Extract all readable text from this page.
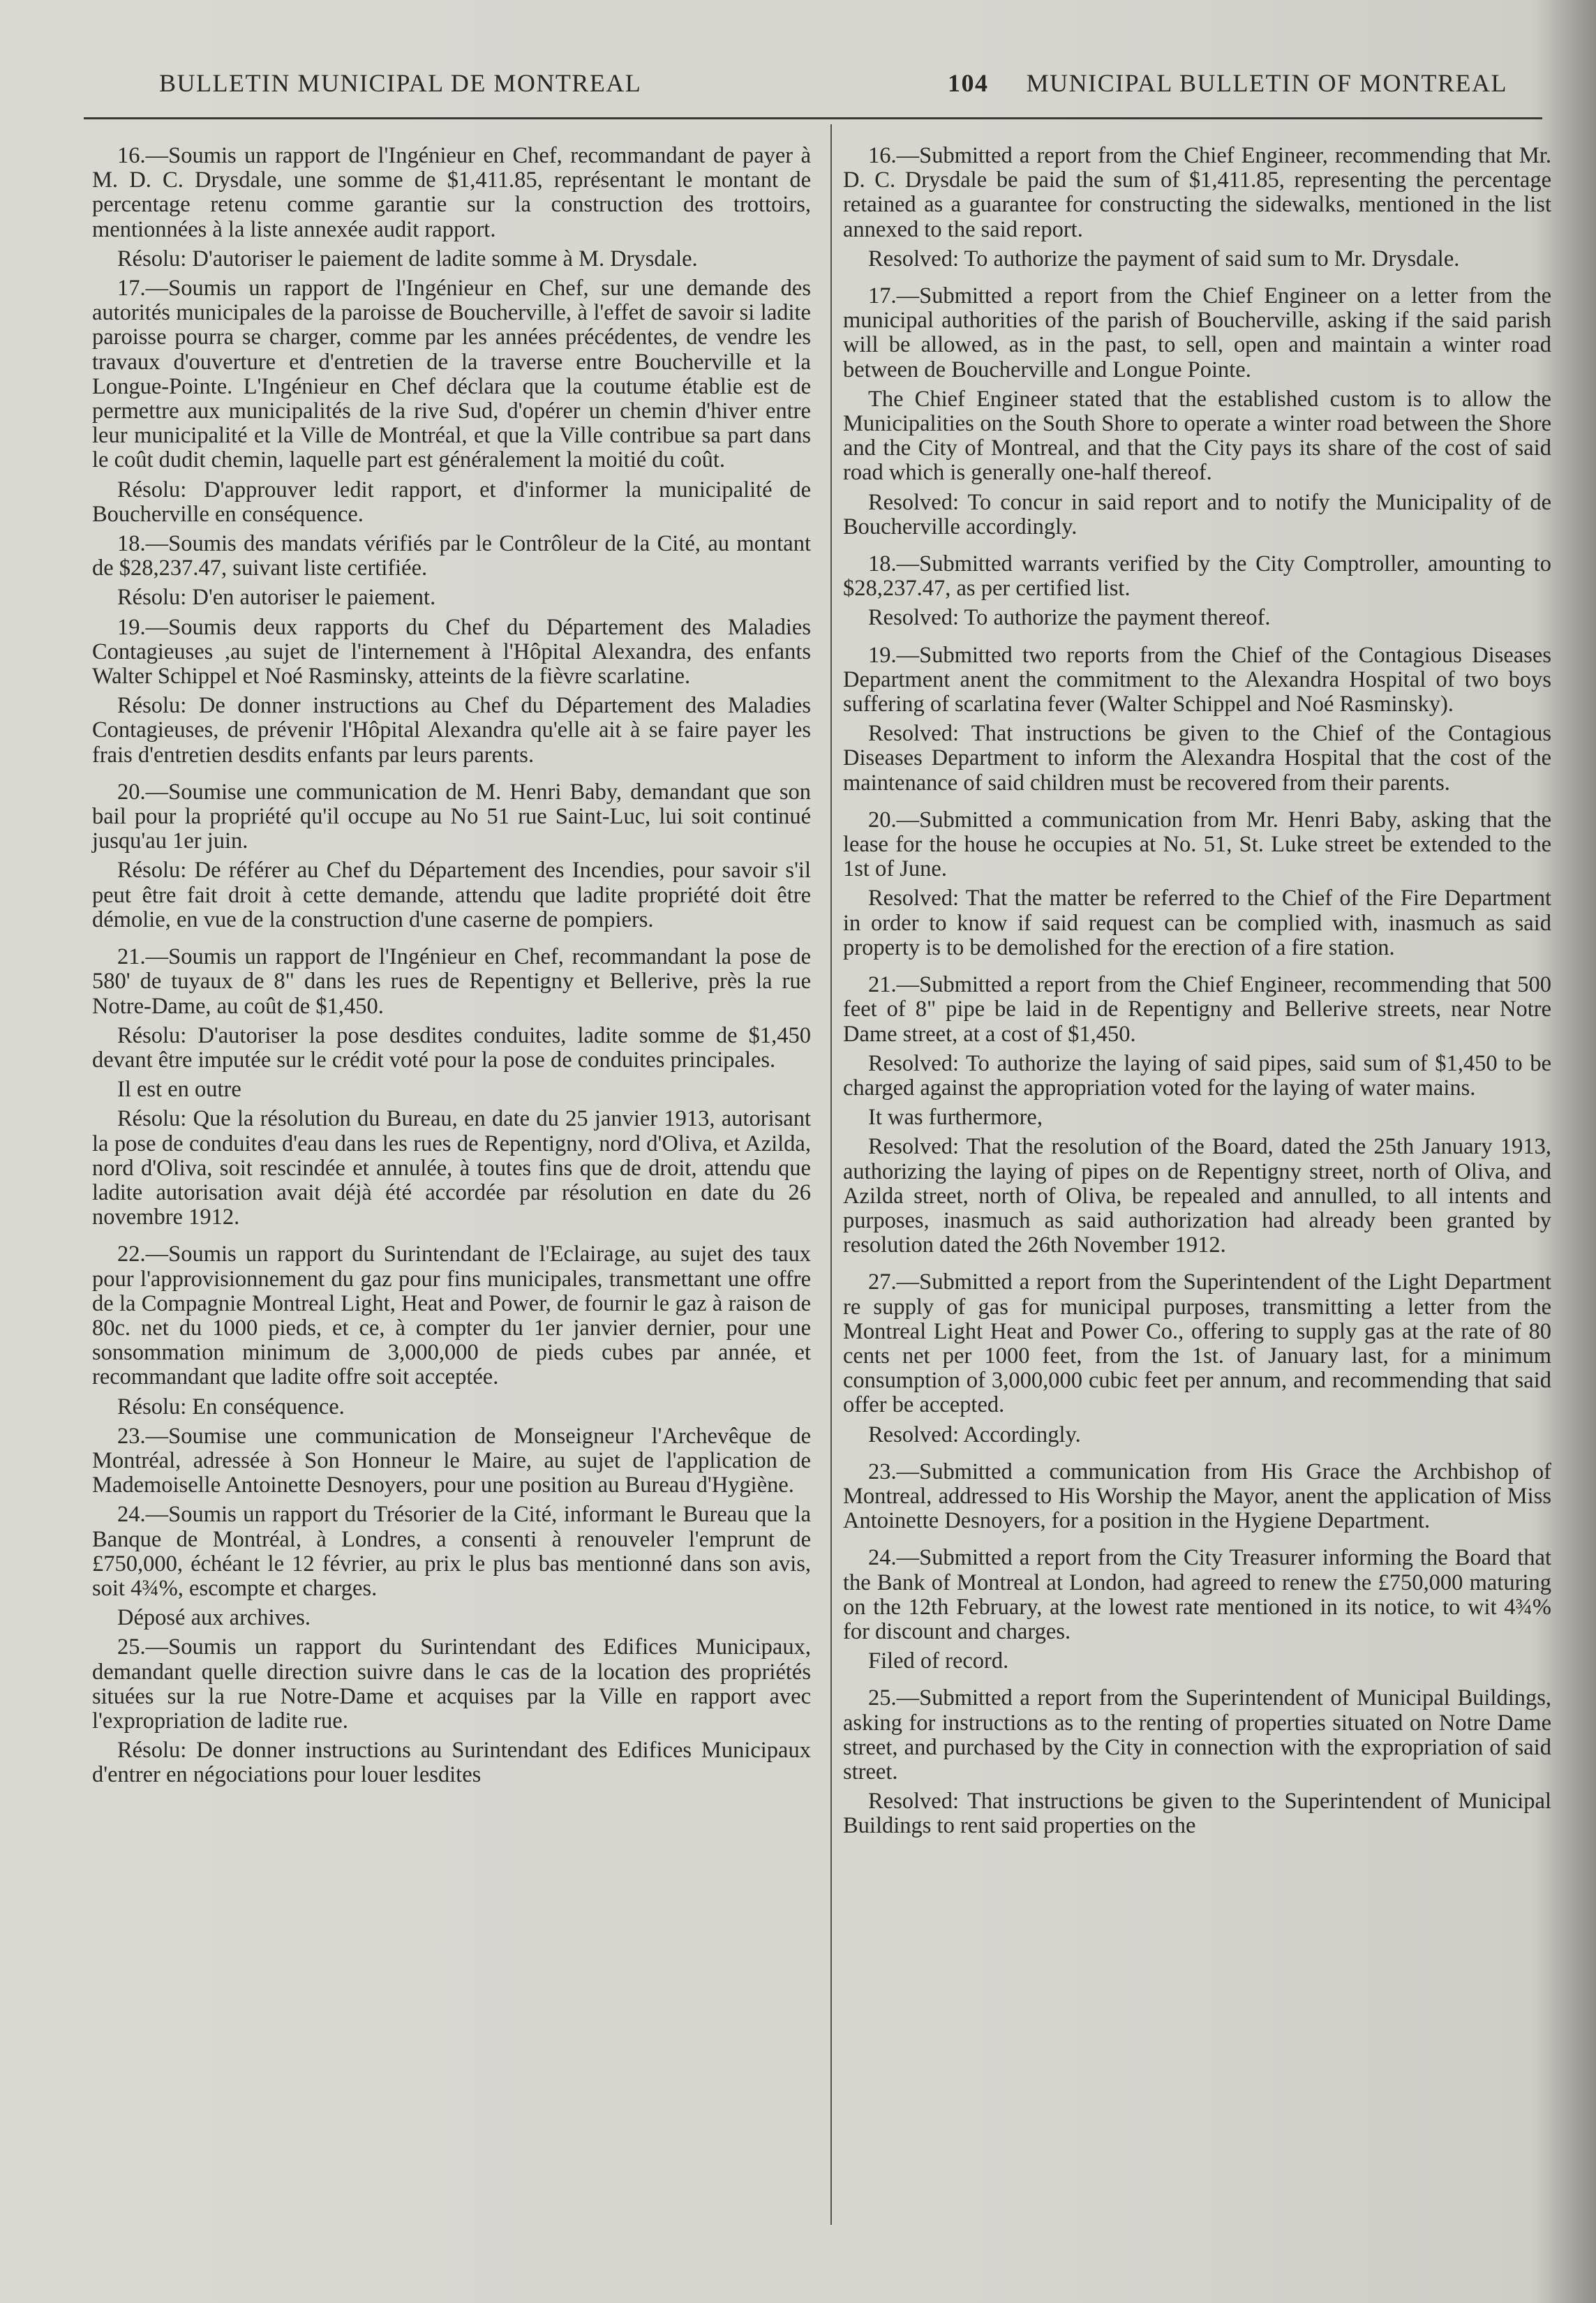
BULLETIN MUNICIPAL DE MONTREAL	104 MUNICIPAL BULLETIN OF MONTREAL

16.—Soumis un rapport de l'Ingénieur en Chef, recommandant de payer à M. D. C. Drysdale, une somme de $1,411.85, représentant le montant de percentage retenu comme garantie sur la construction des trottoirs, mentionnées à la liste annexée audit rapport.

Résolu: D'autoriser le paiement de ladite somme à M. Drysdale.

17.—Soumis un rapport de l'Ingénieur en Chef, sur une demande des autorités municipales de la paroisse de Boucherville, à l'effet de savoir si ladite paroisse pourra se charger, comme par les années précédentes, de vendre les travaux d'ouverture et d'entretien de la traverse entre Boucherville et la Longue-Pointe. L'Ingénieur en Chef déclara que la coutume établie est de permettre aux municipalités de la rive Sud, d'opérer un chemin d'hiver entre leur municipalité et la Ville de Montréal, et que la Ville contribue sa part dans le coût dudit chemin, laquelle part est généralement la moitié du coût.

Résolu: D'approuver ledit rapport, et d'informer la municipalité de Boucherville en conséquence.

18.—Soumis des mandats vérifiés par le Contrôleur de la Cité, au montant de $28,237.47, suivant liste certifiée.

Résolu: D'en autoriser le paiement.

19.—Soumis deux rapports du Chef du Département des Maladies Contagieuses ,au sujet de l'internement à l'Hôpital Alexandra, des enfants Walter Schippel et Noé Rasminsky, atteints de la fièvre scarlatine.

Résolu: De donner instructions au Chef du Département des Maladies Contagieuses, de prévenir l'Hôpital Alexandra qu'elle ait à se faire payer les frais d'entretien desdits enfants par leurs parents.

20.—Soumise une communication de M. Henri Baby, demandant que son bail pour la propriété qu'il occupe au No 51 rue Saint-Luc, lui soit continué jusqu'au 1er juin.

Résolu: De référer au Chef du Département des Incendies, pour savoir s'il peut être fait droit à cette demande, attendu que ladite propriété doit être démolie, en vue de la construction d'une caserne de pompiers.

21.—Soumis un rapport de l'Ingénieur en Chef, recommandant la pose de 580' de tuyaux de 8" dans les rues de Repentigny et Bellerive, près la rue Notre-Dame, au coût de $1,450.

Résolu: D'autoriser la pose desdites conduites, ladite somme de $1,450 devant être imputée sur le crédit voté pour la pose de conduites principales.

Il est en outre

Résolu: Que la résolution du Bureau, en date du 25 janvier 1913, autorisant la pose de conduites d'eau dans les rues de Repentigny, nord d'Oliva, et Azilda, nord d'Oliva, soit rescindée et annulée, à toutes fins que de droit, attendu que ladite autorisation avait déjà été accordée par résolution en date du 26 novembre 1912.

22.—Soumis un rapport du Surintendant de l'Eclairage, au sujet des taux pour l'approvisionnement du gaz pour fins municipales, transmettant une offre de la Compagnie Montreal Light, Heat and Power, de fournir le gaz à raison de 80c. net du 1000 pieds, et ce, à compter du 1er janvier dernier, pour une sonsommation minimum de 3,000,000 de pieds cubes par année, et recommandant que ladite offre soit acceptée.

Résolu: En conséquence.

23.—Soumise une communication de Monseigneur l'Archevêque de Montréal, adressée à Son Honneur le Maire, au sujet de l'application de Mademoiselle Antoinette Desnoyers, pour une position au Bureau d'Hygiène.

24.—Soumis un rapport du Trésorier de la Cité, informant le Bureau que la Banque de Montréal, à Londres, a consenti à renouveler l'emprunt de £750,000, échéant le 12 février, au prix le plus bas mentionné dans son avis, soit 4¾%, escompte et charges.

Déposé aux archives.

25.—Soumis un rapport du Surintendant des Edifices Municipaux, demandant quelle direction suivre dans le cas de la location des propriétés situées sur la rue Notre-Dame et acquises par la Ville en rapport avec l'expropriation de ladite rue.

Résolu: De donner instructions au Surintendant des Edifices Municipaux d'entrer en négociations pour louer lesdites

16.—Submitted a report from the Chief Engineer, recommending that Mr. D. C. Drysdale be paid the sum of $1,411.85, representing the percentage retained as a guarantee for constructing the sidewalks, mentioned in the list annexed to the said report.

Resolved: To authorize the payment of said sum to Mr. Drysdale.

17.—Submitted a report from the Chief Engineer on a letter from the municipal authorities of the parish of Boucherville, asking if the said parish will be allowed, as in the past, to sell, open and maintain a winter road between de Boucherville and Longue Pointe.

The Chief Engineer stated that the established custom is to allow the Municipalities on the South Shore to operate a winter road between the Shore and the City of Montreal, and that the City pays its share of the cost of said road which is generally one-half thereof.

Resolved: To concur in said report and to notify the Municipality of de Boucherville accordingly.

18.—Submitted warrants verified by the City Comptroller, amounting to $28,237.47, as per certified list.

Resolved: To authorize the payment thereof.

19.—Submitted two reports from the Chief of the Contagious Diseases Department anent the commitment to the Alexandra Hospital of two boys suffering of scarlatina fever (Walter Schippel and Noé Rasminsky).

Resolved: That instructions be given to the Chief of the Contagious Diseases Department to inform the Alexandra Hospital that the cost of the maintenance of said children must be recovered from their parents.

20.—Submitted a communication from Mr. Henri Baby, asking that the lease for the house he occupies at No. 51, St. Luke street be extended to the 1st of June.

Resolved: That the matter be referred to the Chief of the Fire Department in order to know if said request can be complied with, inasmuch as said property is to be demolished for the erection of a fire station.

21.—Submitted a report from the Chief Engineer, recommending that 500 feet of 8" pipe be laid in de Repentigny and Bellerive streets, near Notre Dame street, at a cost of $1,450.

Resolved: To authorize the laying of said pipes, said sum of $1,450 to be charged against the appropriation voted for the laying of water mains.

It was furthermore,

Resolved: That the resolution of the Board, dated the 25th January 1913, authorizing the laying of pipes on de Repentigny street, north of Oliva, and Azilda street, north of Oliva, be repealed and annulled, to all intents and purposes, inasmuch as said authorization had already been granted by resolution dated the 26th November 1912.

27.—Submitted a report from the Superintendent of the Light Department re supply of gas for municipal purposes, transmitting a letter from the Montreal Light Heat and Power Co., offering to supply gas at the rate of 80 cents net per 1000 feet, from the 1st. of January last, for a minimum consumption of 3,000,000 cubic feet per annum, and recommending that said offer be accepted.

Resolved: Accordingly.

23.—Submitted a communication from His Grace the Archbishop of Montreal, addressed to His Worship the Mayor, anent the application of Miss Antoinette Desnoyers, for a position in the Hygiene Department.

24.—Submitted a report from the City Treasurer informing the Board that the Bank of Montreal at London, had agreed to renew the £750,000 maturing on the 12th February, at the lowest rate mentioned in its notice, to wit 4¾% for discount and charges.

Filed of record.

25.—Submitted a report from the Superintendent of Municipal Buildings, asking for instructions as to the renting of properties situated on Notre Dame street, and purchased by the City in connection with the expropriation of said street.

Resolved: That instructions be given to the Superintendent of Municipal Buildings to rent said properties on the
